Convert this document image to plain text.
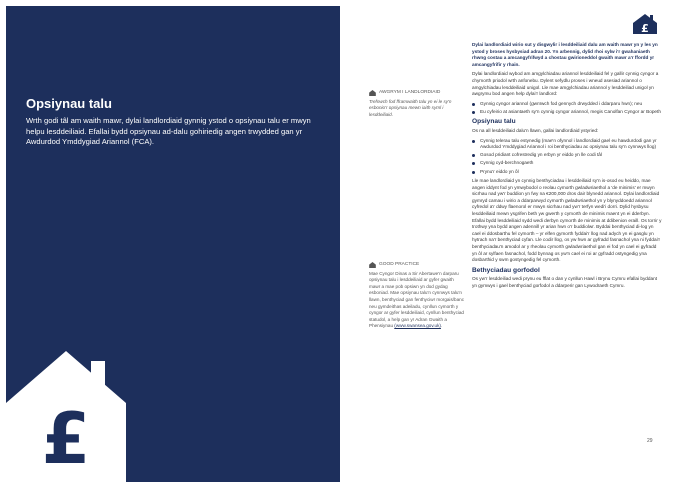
Opsiynau talu
Wrth godi tâl am waith mawr, dylai landlordiaid gynnig ystod o opsiynau talu er mwyn helpu lesddeiliaid. Efallai bydd opsiynau ad-dalu gohiriedig angen trwydded gan yr Awdurdod Ymddygiad Ariannol (FCA).
£
£
AWGRYM I LANDLORDIAID
Trefnwch fod fframwaith talu yn ei le sy'n esbonio'r opsiynau mewn iaith syml i lesddeiliaid.
GOOD PRACTICE
Mae Cyngor Dinas a Sir Abertawe'n darparu opsiynau talu i lesddeiliaid ar gyfer gwaith mawr a mae pob opsiwn yn dod gydag esboniad. Mae opsiynau talu'n cynnwys talu'n llawn, benthyciad gan fenthyciwr morgais/banc neu gymdeithas adeiladu, cynllun cymorth y cyngor ar gyfer lesddeiliaid, cynllun benthyciad statudol, a help gan yr Adran Gwaith a Phensiynau (www.swansea.gov.uk).

Dylai landlordiaid wirio sut y disgwylir i lesddeiliaid dalu am waith mawr yn y les yn ystod y broses hysbysiad adran 20. Yn arbennig, dylid rhoi sylw i'r gwahaniaeth rhwng costau a amcangyfrifwyd a chostau gwirioneddol gwaith mawr a'r ffordd yr amcangyfrifir y rhain.

Dylai landlordiaid wybod am amgylchiadau ariannol lesddeiliaid fel y gallir cynnig cyngor a chymorth priodol wrth anfonebu. Dylent sefydlu proses i wneud asesiad ariannol o amgylchiadau lesddeiliaid unigol. Lle mae amgylchiadau ariannol y lesddeiliad unigol yn awgrymu bod angen help dylai'r landlord:

Gynnig cyngor ariannol (gwnïwch fod gennych drwydded i ddarparu hwn); neu
Eu cyfeirio at asiantaeth sy'n cynnig cyngor ariannol, megis Canolfan Cyngor ar Bopeth
Opsiynau talu

Os na all lesddeiliaid dalu'n llawn, gallai landlordiaid ystyried:

Cynnig telerau talu estynedig (mae'n ofynnol i landlordiaid gael eu hawdurdodi gan yr Awdurdod Ymddygiad Ariannol i roi benthyciadau ac opsiynau talu sy'n cynnwys llog)
Gosod pridiant cofrestredig yn erbyn yr eiddo yn lle codi tâl
Cynnig cyd-berchnogaeth
Prynu'r eiddo yn ôl

Lle mae landlordiaid yn cynnig benthyciadau i lesddeiliaid sy'n is-osod eu heiddo, mae angen iddynt fod yn ymwybodol o reolau cymorth gwladwriaethol a 'de minimis' er mwyn sicrhau nad yw'r buddion yn fwy na €200,000 dros dair blynedd ariannol. Dylai landlordiaid gymryd camau i wirio a ddarparwyd cymorth gwladwriaethol yn y blynyddoedd ariannol cyfredol a'r ddwy flaenorol er mwyn sicrhau nad yw'r terfyn wedi'i dorri. Dylid hysbysu lesddeiliaid mewn ysgrifen beth yw gwerth y cymorth de minimis maent yn ei dderbyn. Efallai bydd lesddeiliaid sydd wedi derbyn cymorth de minimis at ddibenion eraill. Os torrir y trothwy yna bydd angen adennill yr arian hwn o'r buddiolwr. Byddai benthyciad di-log yn cael ei ddosbarthu fel cymorth – yr elfen gymorth fyddai'r llog nad adych yn ei gasglu yn hytrach na'r benthyciad cyfan. Lle codir llog, os yw hwn ar gyfradd fasnachol yna ni fyddai'r benthyciadau'n amodol ar y rheolau cymorth gwladwriaethol gan ei fod yn cael ei gyfradd yn ôl ar sylfaen fasnachol, fodd bynnag os yw'n cael ei roi ar gyfradd ostyngedig yna dosbarthid y swm gostyngedig fel cymorth.

Bethyciadau gorfodol

Os yw'r lesddeiliad wedi prynu eu fflat o dan y cynllun Hawl i Brynu Cymru efallai byddant yn gymwys i gael benthyciad gorfodol a ddarperir gan Lywodraeth Cymru.

29
